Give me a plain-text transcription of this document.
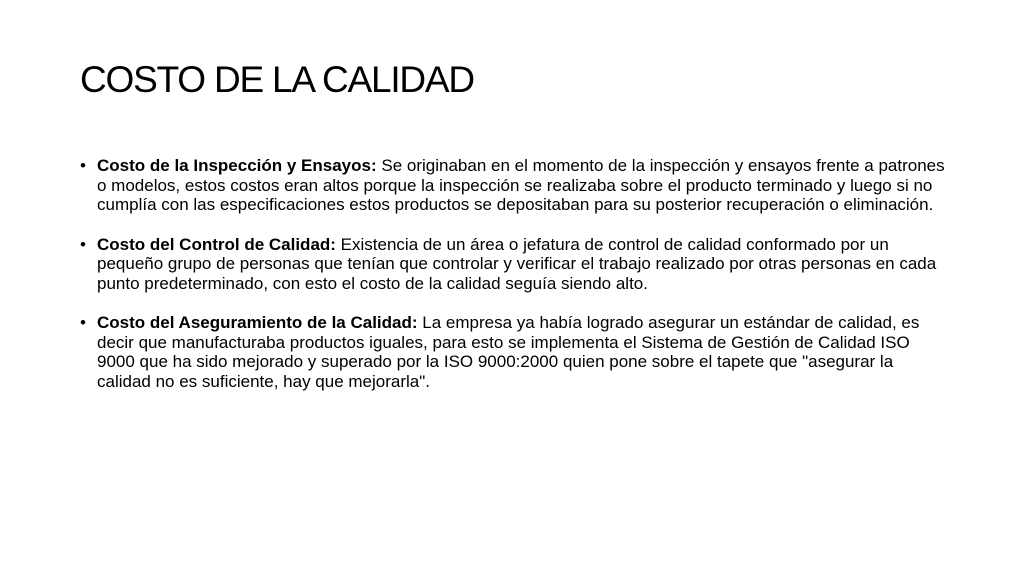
COSTO DE LA CALIDAD
• Costo de la Inspección y Ensayos: Se originaban en el momento de la inspección y ensayos frente a patrones o modelos, estos costos eran altos porque la inspección se realizaba sobre el producto terminado y luego si no cumplía con las especificaciones estos productos se depositaban para su posterior recuperación o eliminación.
• Costo del Control de Calidad: Existencia de un área o jefatura de control de calidad conformado por un pequeño grupo de personas que tenían que controlar y verificar el trabajo realizado por otras personas en cada punto predeterminado, con esto el costo de la calidad seguía siendo alto.
• Costo del Aseguramiento de la Calidad: La empresa ya había logrado asegurar un estándar de calidad, es decir que manufacturaba productos iguales, para esto se implementa el Sistema de Gestión de Calidad ISO 9000 que ha sido mejorado y superado por la ISO 9000:2000 quien pone sobre el tapete que "asegurar la calidad no es suficiente, hay que mejorarla".
